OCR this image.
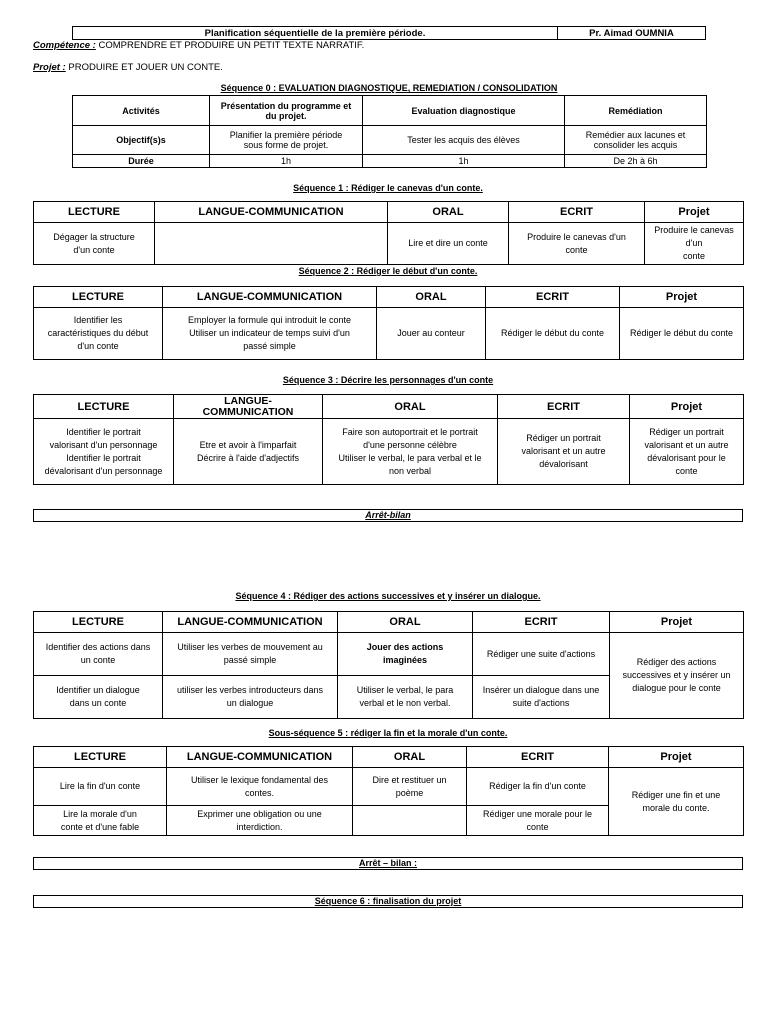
Planification séquentielle de la première période.	Pr. Aimad OUMNIA
Compétence : COMPRENDRE ET PRODUIRE UN PETIT TEXTE NARRATIF.
Projet : PRODUIRE ET JOUER UN CONTE.
Séquence 0 : EVALUATION DIAGNOSTIQUE, REMEDIATION / CONSOLIDATION
Activités	Présentation du programme et
du projet.	Evaluation diagnostique	Remédiation
Objectif(s)s	Planifier la première période
sous forme de projet.	Tester les acquis des élèves	Remédier aux lacunes et
consolider les acquis
Durée	1h	1h	De 2h à 6h
Séquence 1 : Rédiger le canevas d'un conte.
LECTURE	LANGUE-COMMUNICATION	ORAL	ECRIT	Projet
Dégager la structure
d'un conte		Lire et dire un conte	Produire le canevas d'un
conte	Produire le canevas d'un
conte
Séquence 2 : Rédiger le début d'un conte.
LECTURE	LANGUE-COMMUNICATION	ORAL	ECRIT	Projet
Identifier les
caractéristiques du début
d'un conte	Employer la formule qui introduit le conte
Utiliser un indicateur de temps suivi d'un
passé simple	Jouer au conteur	Rédiger le début du conte	Rédiger le début du conte
Séquence 3 : Décrire les personnages d'un conte
LECTURE	LANGUE-
COMMUNICATION	ORAL	ECRIT	Projet
Identifier le portrait
valorisant d'un personnage
Identifier le portrait
dévalorisant d'un personnage	Etre et avoir à l'imparfait
Décrire à l'aide d'adjectifs	Faire son autoportrait et le portrait
d'une personne célèbre
Utiliser le verbal, le para verbal et le
non verbal	Rédiger un portrait
valorisant et un autre
dévalorisant	Rédiger un portrait
valorisant et un autre
dévalorisant pour le
conte
Arrêt-bilan
Séquence 4 : Rédiger des actions successives et y insérer un dialogue.
LECTURE	LANGUE-COMMUNICATION	ORAL	ECRIT	Projet
Identifier des actions dans
un conte	Utiliser les verbes de mouvement au
passé simple	Jouer des actions
imaginées	Rédiger une suite d'actions	Rédiger des actions
successives et y insérer un
dialogue pour le conte
Identifier un dialogue
dans un conte	utiliser les verbes introducteurs dans
un dialogue	Utiliser le verbal, le para
verbal et le non verbal.	Insérer un dialogue dans une
suite d'actions	
Sous-séquence 5 : rédiger la fin et la morale d'un conte.
LECTURE	LANGUE-COMMUNICATION	ORAL	ECRIT	Projet
Lire la fin d'un conte	Utiliser le lexique fondamental des
contes.	Dire et restituer un
poème	Rédiger la fin d'un conte	Rédiger une fin et une
morale du conte.
Lire la morale d'un
conte et d'une fable	Exprimer une obligation ou une
interdiction.		Rédiger une morale pour le
conte	
Arrêt – bilan :
Séquence 6 : finalisation du projet
